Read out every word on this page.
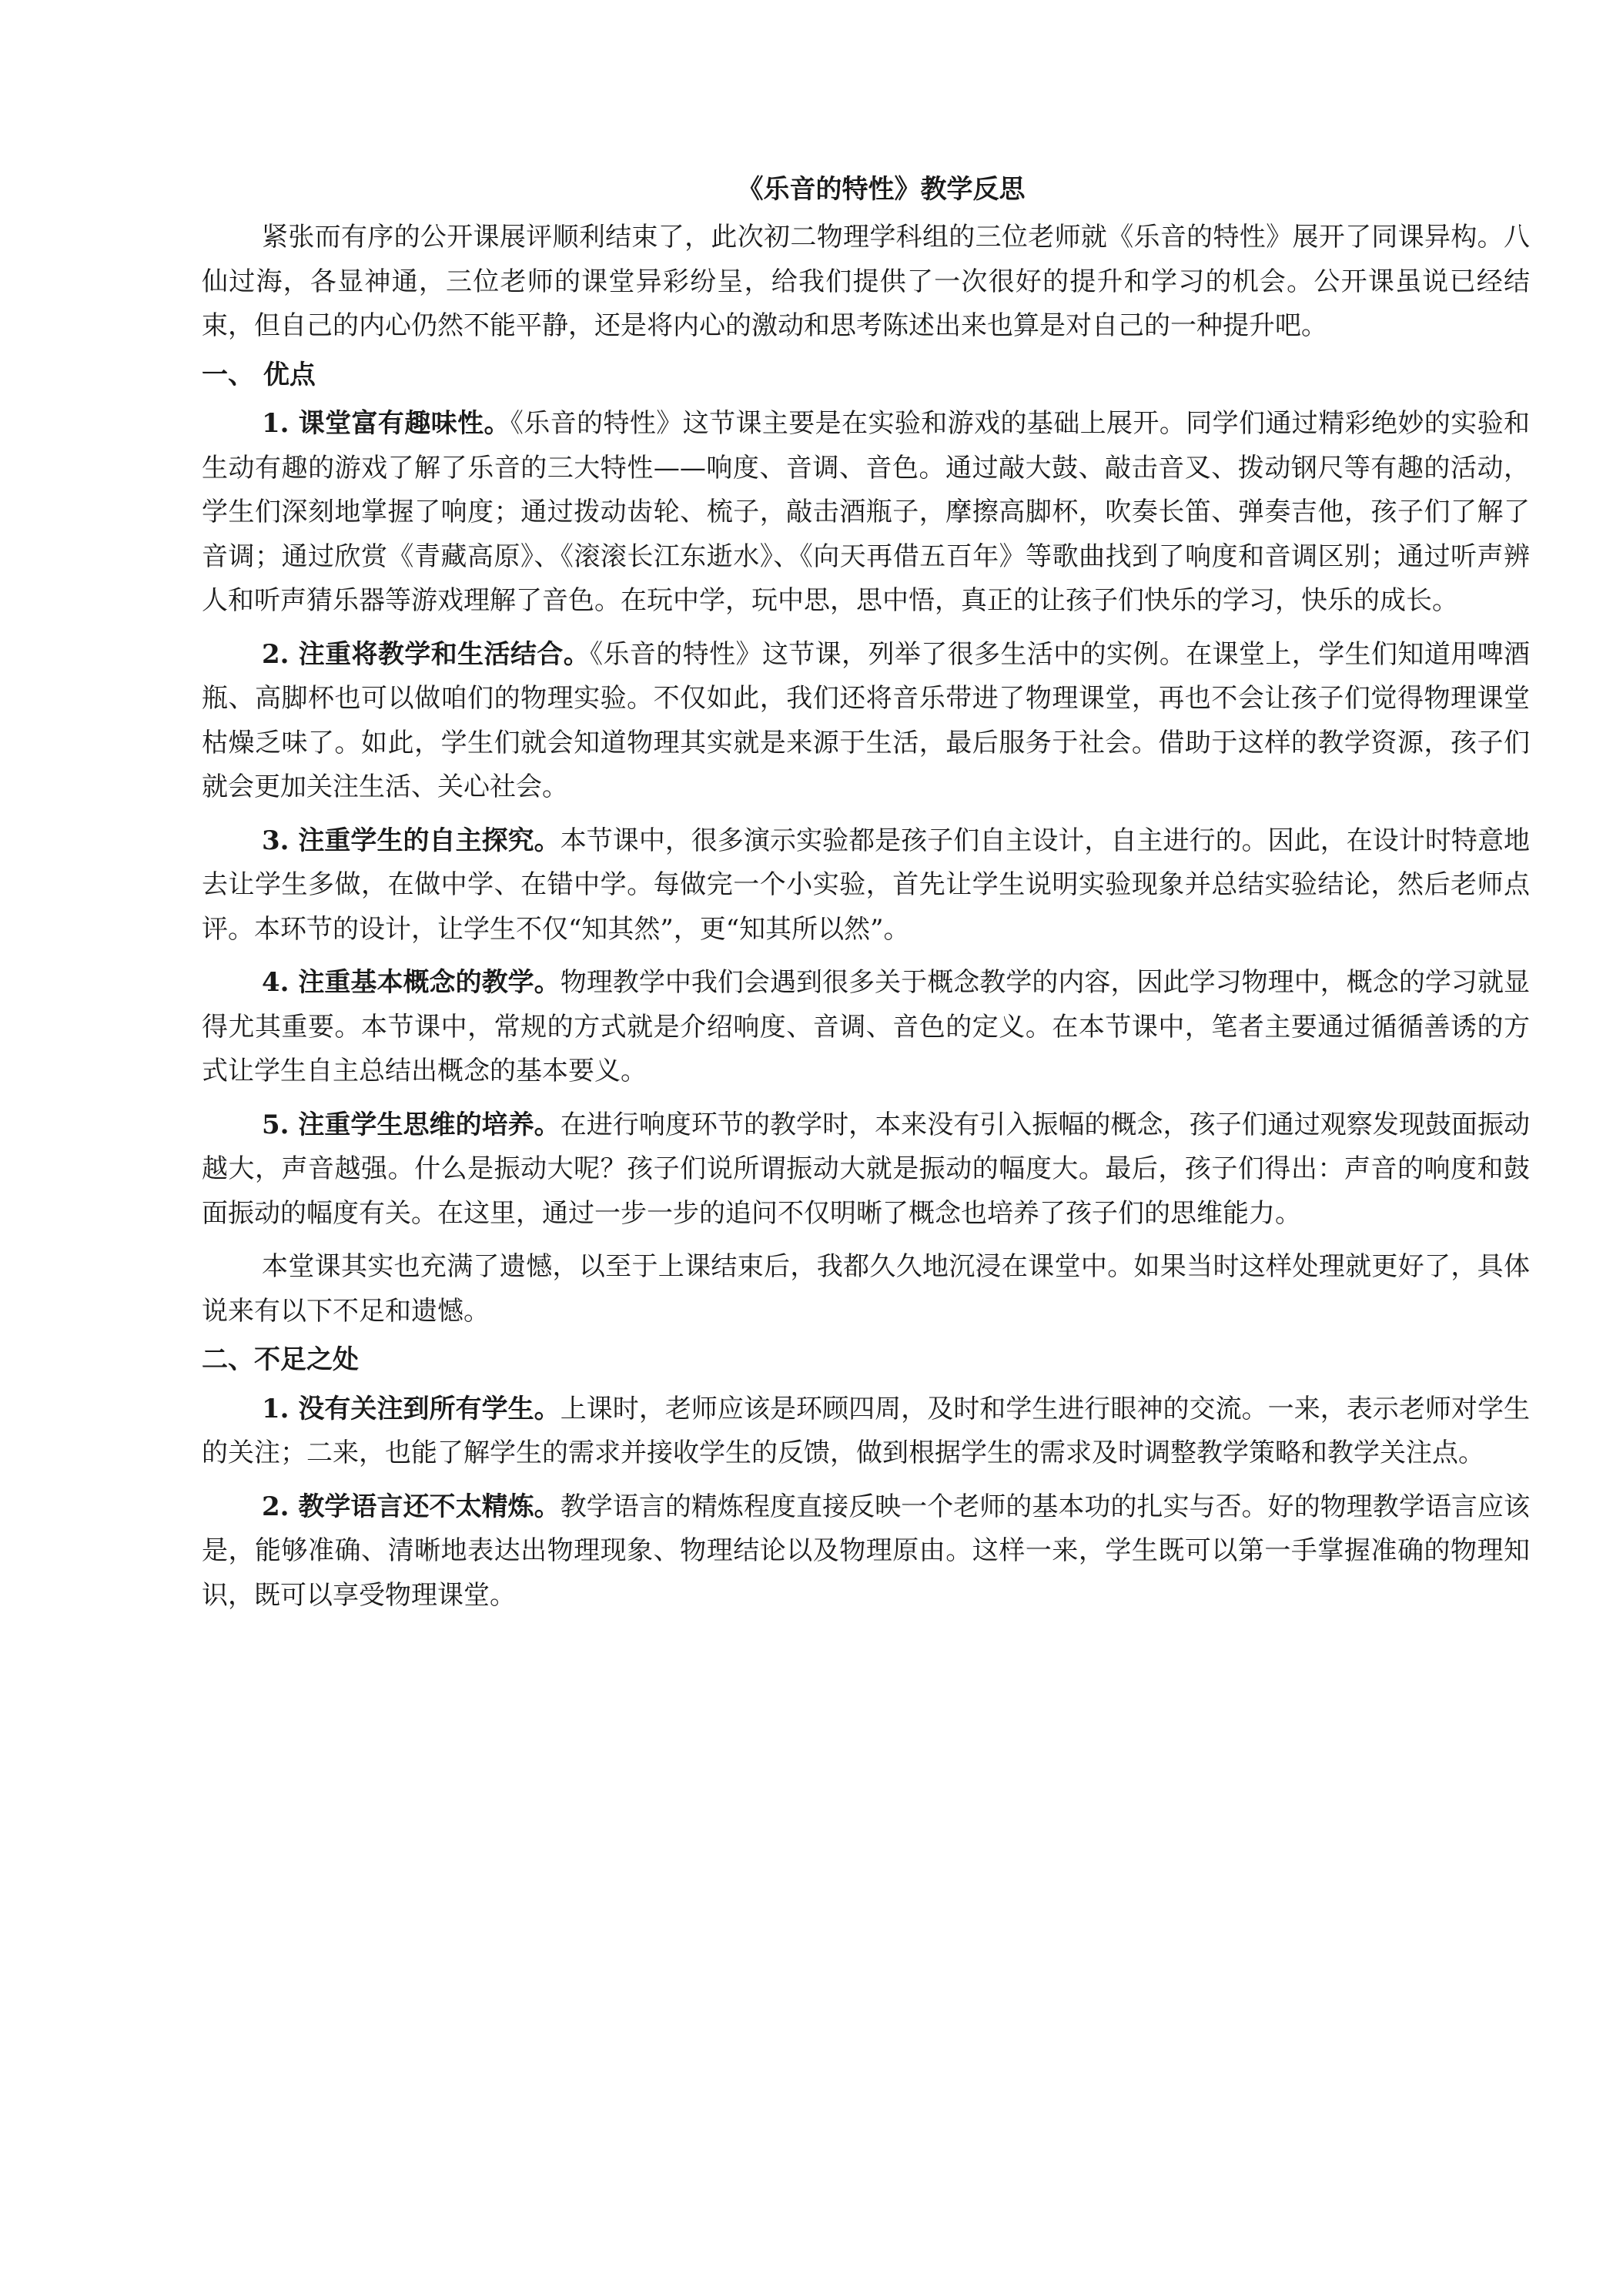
《乐音的特性》教学反思

紧张而有序的公开课展评顺利结束了，此次初二物理学科组的三位老师就《乐音的特性》展开了同课异构。八仙过海，各显神通，三位老师的课堂异彩纷呈，给我们提供了一次很好的提升和学习的机会。公开课虽说已经结束，但自己的内心仍然不能平静，还是将内心的激动和思考陈述出来也算是对自己的一种提升吧。

一、 优点

1. 课堂富有趣味性。《乐音的特性》这节课主要是在实验和游戏的基础上展开。同学们通过精彩绝妙的实验和生动有趣的游戏了解了乐音的三大特性——响度、音调、音色。通过敲大鼓、敲击音叉、拨动钢尺等有趣的活动，学生们深刻地掌握了响度；通过拨动齿轮、梳子，敲击酒瓶子，摩擦高脚杯，吹奏长笛、弹奏吉他，孩子们了解了音调；通过欣赏《青藏高原》、《滚滚长江东逝水》、《向天再借五百年》等歌曲找到了响度和音调区别；通过听声辨人和听声猜乐器等游戏理解了音色。在玩中学，玩中思，思中悟，真正的让孩子们快乐的学习，快乐的成长。

2. 注重将教学和生活结合。《乐音的特性》这节课，列举了很多生活中的实例。在课堂上，学生们知道用啤酒瓶、高脚杯也可以做咱们的物理实验。不仅如此，我们还将音乐带进了物理课堂，再也不会让孩子们觉得物理课堂枯燥乏味了。如此，学生们就会知道物理其实就是来源于生活，最后服务于社会。借助于这样的教学资源，孩子们就会更加关注生活、关心社会。

3. 注重学生的自主探究。本节课中，很多演示实验都是孩子们自主设计，自主进行的。因此，在设计时特意地去让学生多做，在做中学、在错中学。每做完一个小实验，首先让学生说明实验现象并总结实验结论，然后老师点评。本环节的设计，让学生不仅“知其然”，更“知其所以然”。

4. 注重基本概念的教学。物理教学中我们会遇到很多关于概念教学的内容，因此学习物理中，概念的学习就显得尤其重要。本节课中，常规的方式就是介绍响度、音调、音色的定义。在本节课中，笔者主要通过循循善诱的方式让学生自主总结出概念的基本要义。

5. 注重学生思维的培养。在进行响度环节的教学时，本来没有引入振幅的概念，孩子们通过观察发现鼓面振动越大，声音越强。什么是振动大呢？孩子们说所谓振动大就是振动的幅度大。最后，孩子们得出：声音的响度和鼓面振动的幅度有关。在这里，通过一步一步的追问不仅明晰了概念也培养了孩子们的思维能力。

本堂课其实也充满了遗憾，以至于上课结束后，我都久久地沉浸在课堂中。如果当时这样处理就更好了，具体说来有以下不足和遗憾。

二、不足之处

1. 没有关注到所有学生。上课时，老师应该是环顾四周，及时和学生进行眼神的交流。一来，表示老师对学生的关注；二来，也能了解学生的需求并接收学生的反馈，做到根据学生的需求及时调整教学策略和教学关注点。

2. 教学语言还不太精炼。教学语言的精炼程度直接反映一个老师的基本功的扎实与否。好的物理教学语言应该是，能够准确、清晰地表达出物理现象、物理结论以及物理原由。这样一来，学生既可以第一手掌握准确的物理知识，既可以享受物理课堂。
